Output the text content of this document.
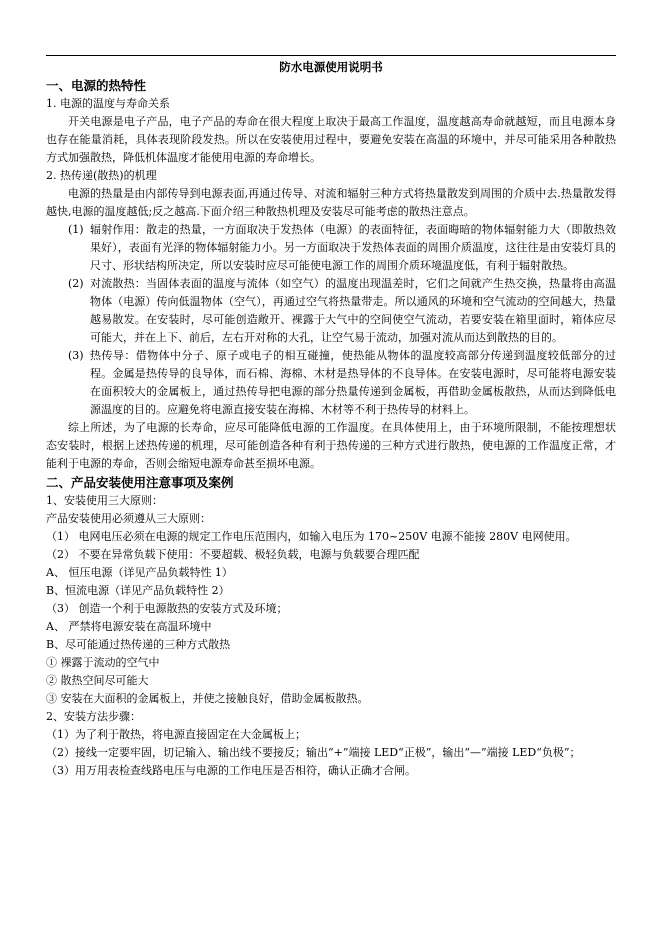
防水电源使用说明书

一、电源的热特性

1. 电源的温度与寿命关系

开关电源是电子产品，电子产品的寿命在很大程度上取决于最高工作温度，温度越高寿命就越短，而且电源本身也存在能量消耗，具体表现阶段发热。所以在安装使用过程中，要避免安装在高温的环境中，并尽可能采用各种散热方式加强散热，降低机体温度才能使用电源的寿命增长。

2. 热传递(散热)的机理

电源的热量是由内部传导到电源表面,再通过传导、对流和辐射三种方式将热量散发到周围的介质中去.热量散发得越快,电源的温度越低;反之越高.下面介绍三种散热机理及安装尽可能考虑的散热注意点。

(1) 辐射作用：散走的热量，一方面取决于发热体（电源）的表面特征，表面晦暗的物体辐射能力大（即散热效果好），表面有光泽的物体辐射能力小。另一方面取决于发热体表面的周围介质温度，这往往是由安装灯具的尺寸、形状结构所决定，所以安装时应尽可能使电源工作的周围介质环境温度低，有利于辐射散热。
(2) 对流散热：当固体表面的温度与流体（如空气）的温度出现温差时，它们之间就产生热交换，热量将由高温物体（电源）传向低温物体（空气），再通过空气将热量带走。所以通风的环境和空气流动的空间越大，热量越易散发。在安装时，尽可能创造敞开、裸露于大气中的空间使空气流动，若要安装在箱里面时，箱体应尽可能大，并在上下、前后，左右开对称的大孔，让空气易于流动，加强对流从而达到散热的目的。
(3) 热传导：借物体中分子、原子或电子的相互碰撞，使热能从物体的温度较高部分传递到温度较低部分的过程。金属是热传导的良导体，而石棉、海棉、木材是热导体的不良导体。在安装电源时，尽可能将电源安装在面积较大的金属板上，通过热传导把电源的部分热量传递到金属板，再借助金属板散热，从而达到降低电源温度的目的。应避免将电源直接安装在海棉、木材等不利于热传导的材料上。

综上所述，为了电源的长寿命，应尽可能降低电源的工作温度。在具体使用上，由于环境所限制，不能按理想状态安装时，根据上述热传递的机理，尽可能创造各种有利于热传递的三种方式进行散热，使电源的工作温度正常，才能利于电源的寿命，否则会缩短电源寿命甚至损坏电源。

二、产品安装使用注意事项及案例

1、安装使用三大原则：

产品安装使用必须遵从三大原则：

（1） 电网电压必须在电源的规定工作电压范围内，如输入电压为 170~250V 电源不能接 280V 电网使用。

（2） 不要在异常负载下使用：不要超载、极轻负载，电源与负载要合理匹配

A、 恒压电源（详见产品负载特性 1）

B、恒流电源（详见产品负载特性 2）

（3） 创造一个利于电源散热的安装方式及环境；

A、 严禁将电源安装在高温环境中

B、尽可能通过热传递的三种方式散热

① 裸露于流动的空气中

② 散热空间尽可能大

③ 安装在大面积的金属板上，并使之接触良好，借助金属板散热。

2、安装方法步骤：

（1）为了利于散热，将电源直接固定在大金属板上；

（2）接线一定要牢固，切记输入、输出线不要接反；输出“+”端接 LED“正极”，输出“—”端接 LED“负极”；

（3）用万用表检查线路电压与电源的工作电压是否相符，确认正确才合闸。
